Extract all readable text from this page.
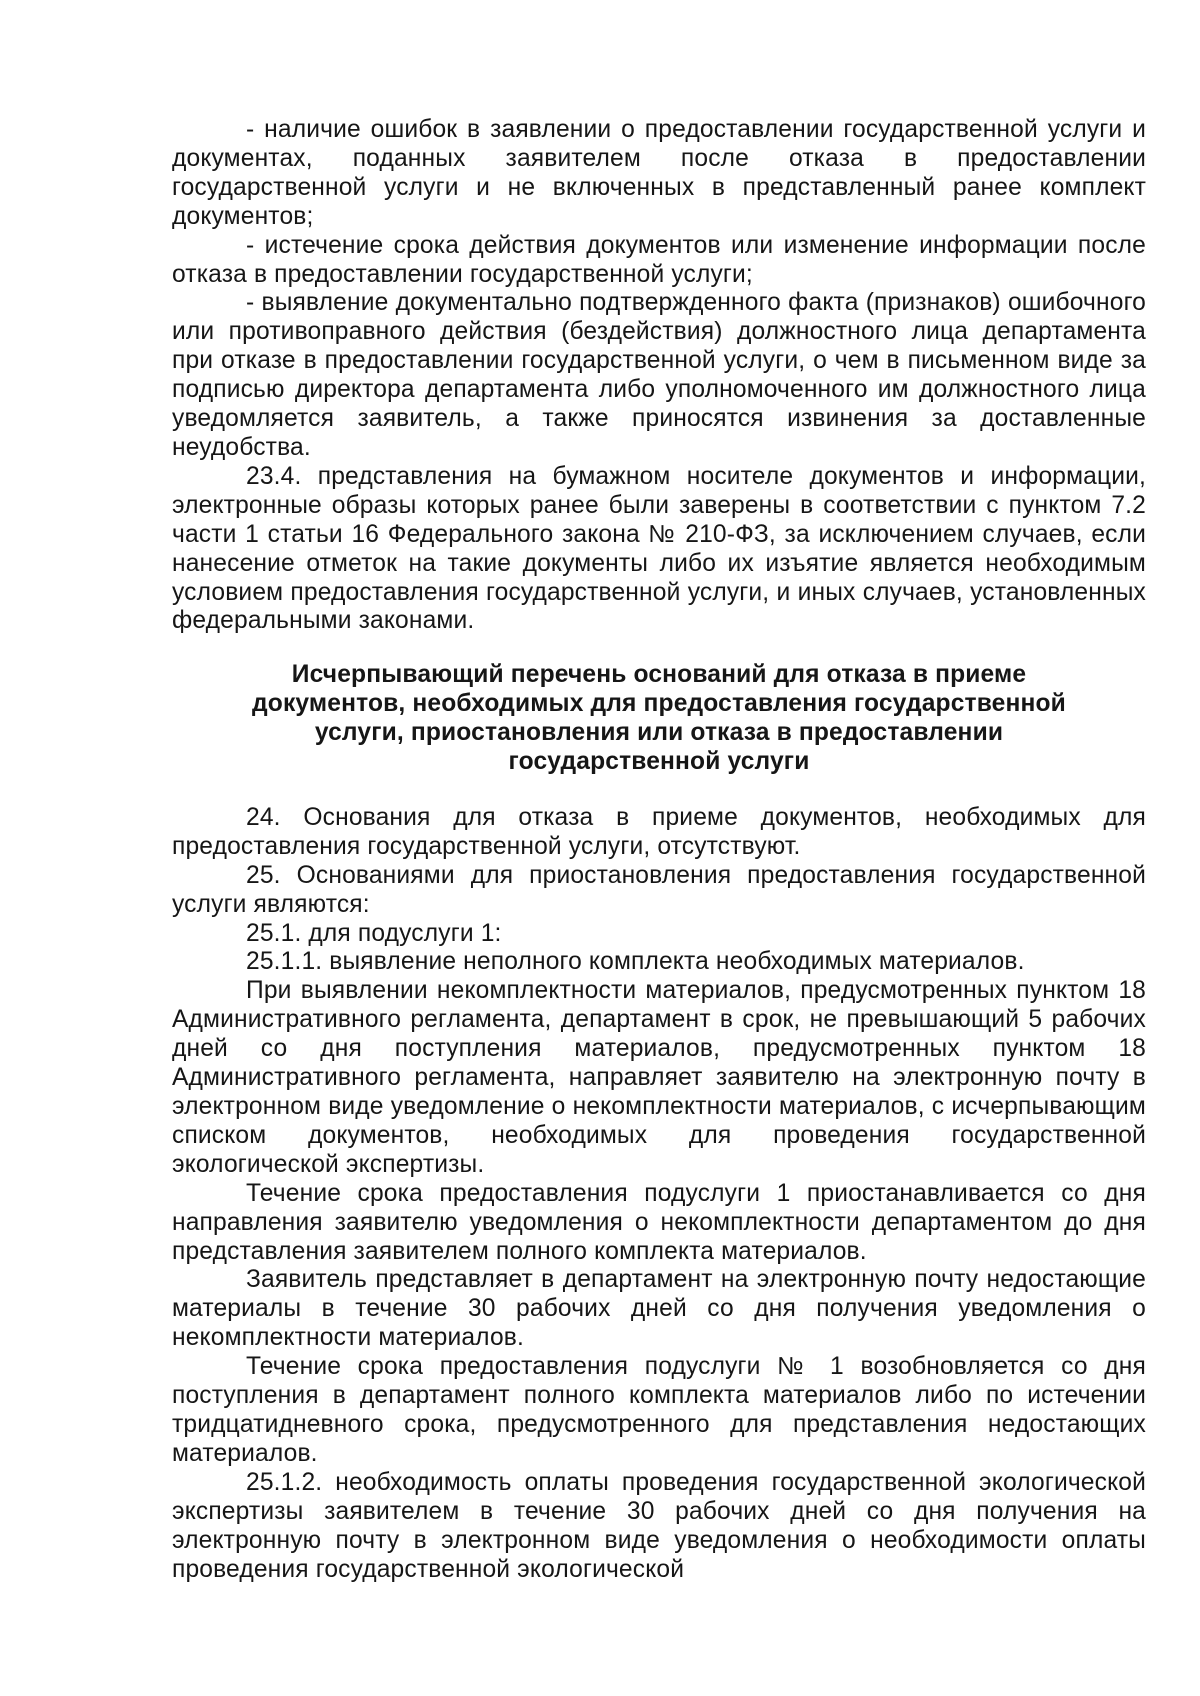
- наличие ошибок в заявлении о предоставлении государственной услуги и документах, поданных заявителем после отказа в предоставлении государственной услуги и не включенных в представленный ранее комплект документов;

- истечение срока действия документов или изменение информации после отказа в предоставлении государственной услуги;

- выявление документально подтвержденного факта (признаков) ошибочного или противоправного действия (бездействия) должностного лица департамента при отказе в предоставлении государственной услуги, о чем в письменном виде за подписью директора департамента либо уполномоченного им должностного лица уведомляется заявитель, а также приносятся извинения за доставленные неудобства.

23.4. представления на бумажном носителе документов и информации, электронные образы которых ранее были заверены в соответствии с пунктом 7.2 части 1 статьи 16 Федерального закона № 210-ФЗ, за исключением случаев, если нанесение отметок на такие документы либо их изъятие является необходимым условием предоставления государственной услуги, и иных случаев, установленных федеральными законами.

Исчерпывающий перечень оснований для отказа в приеме документов, необходимых для предоставления государственной услуги, приостановления или отказа в предоставлении государственной услуги

24. Основания для отказа в приеме документов, необходимых для предоставления государственной услуги, отсутствуют.

25. Основаниями для приостановления предоставления государственной услуги являются:

25.1. для подуслуги 1:

25.1.1. выявление неполного комплекта необходимых материалов.

При выявлении некомплектности материалов, предусмотренных пунктом 18 Административного регламента, департамент в срок, не превышающий 5 рабочих дней со дня поступления материалов, предусмотренных пунктом 18 Административного регламента, направляет заявителю на электронную почту в электронном виде уведомление о некомплектности материалов, с исчерпывающим списком документов, необходимых для проведения государственной экологической экспертизы.

Течение срока предоставления подуслуги 1 приостанавливается со дня направления заявителю уведомления о некомплектности департаментом до дня представления заявителем полного комплекта материалов.

Заявитель представляет в департамент на электронную почту недостающие материалы в течение 30 рабочих дней со дня получения уведомления о некомплектности материалов.

Течение срока предоставления подуслуги № 1 возобновляется со дня поступления в департамент полного комплекта материалов либо по истечении тридцатидневного срока, предусмотренного для представления недостающих материалов.

25.1.2. необходимость оплаты проведения государственной экологической экспертизы заявителем в течение 30 рабочих дней со дня получения на электронную почту в электронном виде уведомления о необходимости оплаты проведения государственной экологической
